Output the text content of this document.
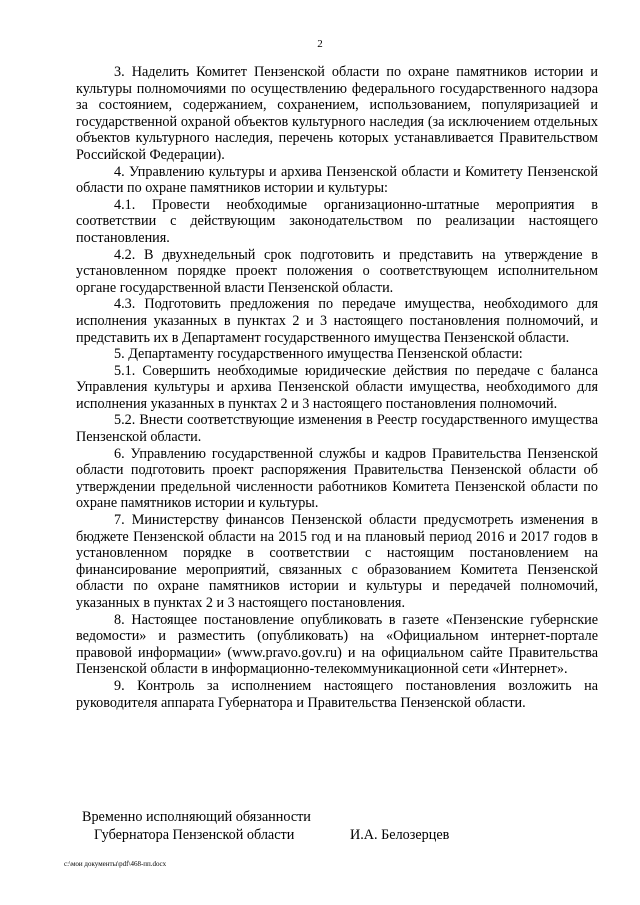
2

3. Наделить Комитет Пензенской области по охране памятников истории и культуры полномочиями по осуществлению федерального государственного надзора за состоянием, содержанием, сохранением, использованием, популяризацией и государственной охраной объектов культурного наследия (за исключением отдельных объектов культурного наследия, перечень которых устанавливается Правительством Российской Федерации).

4. Управлению культуры и архива Пензенской области и Комитету Пензенской области по охране памятников истории и культуры:

4.1. Провести необходимые организационно-штатные мероприятия в соответствии с действующим законодательством по реализации настоящего постановления.

4.2. В двухнедельный срок подготовить и представить на утверждение в установленном порядке проект положения о соответствующем исполнительном органе государственной власти Пензенской области.

4.3. Подготовить предложения по передаче имущества, необходимого для исполнения указанных в пунктах 2 и 3 настоящего постановления полномочий, и представить их в Департамент государственного имущества Пензенской области.

5. Департаменту государственного имущества Пензенской области:

5.1. Совершить необходимые юридические действия по передаче с баланса Управления культуры и архива Пензенской области имущества, необходимого для исполнения указанных в пунктах 2 и 3 настоящего постановления полномочий.

5.2. Внести соответствующие изменения в Реестр государственного имущества Пензенской области.

6. Управлению государственной службы и кадров Правительства Пензенской области подготовить проект распоряжения Правительства Пензенской области об утверждении предельной численности работников Комитета Пензенской области по охране памятников истории и культуры.

7. Министерству финансов Пензенской области предусмотреть изменения в бюджете Пензенской области на 2015 год и на плановый период 2016 и 2017 годов в установленном порядке в соответствии с настоящим постановлением на финансирование мероприятий, связанных с образованием Комитета Пензенской области по охране памятников истории и культуры и передачей полномочий, указанных в пунктах 2 и 3 настоящего постановления.

8. Настоящее постановление опубликовать в газете «Пензенские губернские ведомости» и разместить (опубликовать) на «Официальном интернет-портале правовой информации» (www.pravo.gov.ru) и на официальном сайте Правительства Пензенской области в информационно-телекоммуникационной сети «Интернет».

9. Контроль за исполнением настоящего постановления возложить на руководителя аппарата Губернатора и Правительства Пензенской области.

Временно исполняющий обязанности
Губернатора Пензенской области	И.А. Белозерцев
c:\мои документы\pdf\468-пп.docx
